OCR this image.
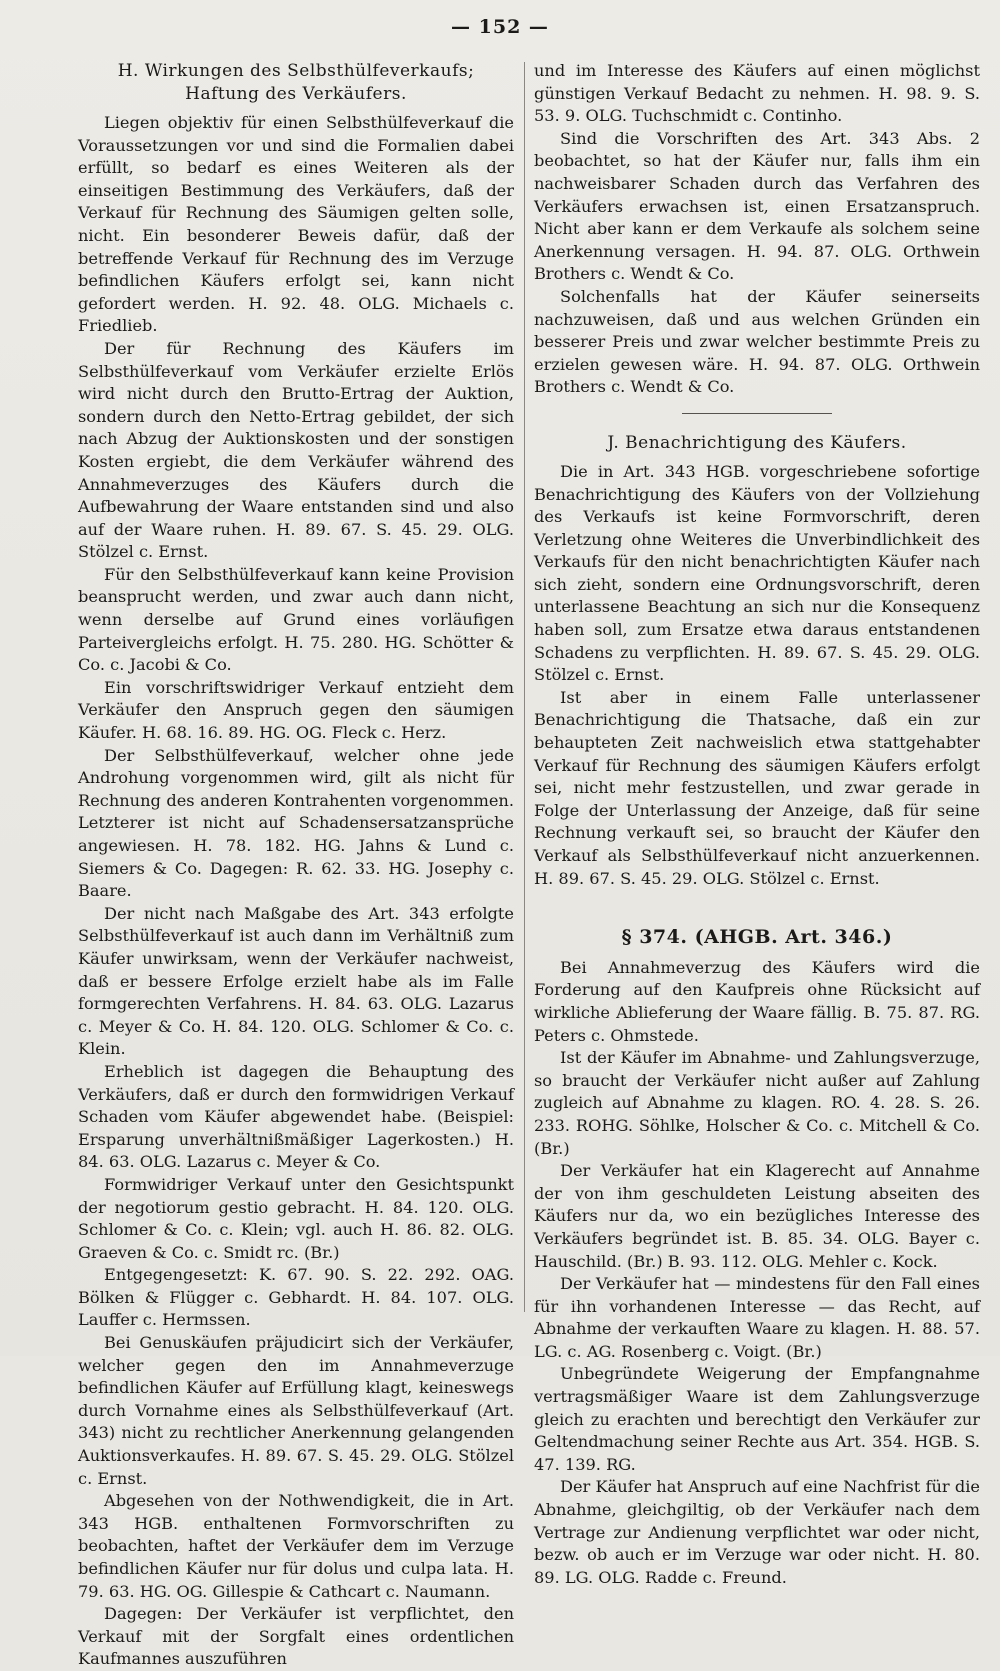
— 152 —
H. Wirkungen des Selbsthülfeverkaufs; Haftung des Verkäufers.

Liegen objektiv für einen Selbsthülfeverkauf die Voraussetzungen vor und sind die Formalien dabei erfüllt, so bedarf es eines Weiteren als der einseitigen Bestimmung des Verkäufers, daß der Verkauf für Rechnung des Säumigen gelten solle, nicht. Ein besonderer Beweis dafür, daß der betreffende Verkauf für Rechnung des im Verzuge befindlichen Käufers erfolgt sei, kann nicht gefordert werden. H. 92. 48. OLG. Michaels c. Friedlieb.

Der für Rechnung des Käufers im Selbsthülfeverkauf vom Verkäufer erzielte Erlös wird nicht durch den Brutto-Ertrag der Auktion, sondern durch den Netto-Ertrag gebildet, der sich nach Abzug der Auktionskosten und der sonstigen Kosten ergiebt, die dem Verkäufer während des Annahmeverzuges des Käufers durch die Aufbewahrung der Waare entstanden sind und also auf der Waare ruhen. H. 89. 67. S. 45. 29. OLG. Stölzel c. Ernst.

Für den Selbsthülfeverkauf kann keine Provision beansprucht werden, und zwar auch dann nicht, wenn derselbe auf Grund eines vorläufigen Parteivergleichs erfolgt. H. 75. 280. HG. Schötter & Co. c. Jacobi & Co.

Ein vorschriftswidriger Verkauf entzieht dem Verkäufer den Anspruch gegen den säumigen Käufer. H. 68. 16. 89. HG. OG. Fleck c. Herz.

Der Selbsthülfeverkauf, welcher ohne jede Androhung vorgenommen wird, gilt als nicht für Rechnung des anderen Kontrahenten vorgenommen. Letzterer ist nicht auf Schadensersatzansprüche angewiesen. H. 78. 182. HG. Jahns & Lund c. Siemers & Co. Dagegen: R. 62. 33. HG. Josephy c. Baare.

Der nicht nach Maßgabe des Art. 343 erfolgte Selbsthülfeverkauf ist auch dann im Verhältniß zum Käufer unwirksam, wenn der Verkäufer nachweist, daß er bessere Erfolge erzielt habe als im Falle formgerechten Verfahrens. H. 84. 63. OLG. Lazarus c. Meyer & Co. H. 84. 120. OLG. Schlomer & Co. c. Klein.

Erheblich ist dagegen die Behauptung des Verkäufers, daß er durch den formwidrigen Verkauf Schaden vom Käufer abgewendet habe. (Beispiel: Ersparung unverhältnißmäßiger Lagerkosten.) H. 84. 63. OLG. Lazarus c. Meyer & Co.

Formwidriger Verkauf unter den Gesichtspunkt der negotiorum gestio gebracht. H. 84. 120. OLG. Schlomer & Co. c. Klein; vgl. auch H. 86. 82. OLG. Graeven & Co. c. Smidt rc. (Br.)

Entgegengesetzt: K. 67. 90. S. 22. 292. OAG. Bölken & Flügger c. Gebhardt. H. 84. 107. OLG. Lauffer c. Hermssen.

Bei Genuskäufen präjudicirt sich der Verkäufer, welcher gegen den im Annahmeverzuge befindlichen Käufer auf Erfüllung klagt, keineswegs durch Vornahme eines als Selbsthülfeverkauf (Art. 343) nicht zu rechtlicher Anerkennung gelangenden Auktionsverkaufes. H. 89. 67. S. 45. 29. OLG. Stölzel c. Ernst.

Abgesehen von der Nothwendigkeit, die in Art. 343 HGB. enthaltenen Formvorschriften zu beobachten, haftet der Verkäufer dem im Verzuge befindlichen Käufer nur für dolus und culpa lata. H. 79. 63. HG. OG. Gillespie & Cathcart c. Naumann.

Dagegen: Der Verkäufer ist verpflichtet, den Verkauf mit der Sorgfalt eines ordentlichen Kaufmannes auszuführen

und im Interesse des Käufers auf einen möglichst günstigen Verkauf Bedacht zu nehmen. H. 98. 9. S. 53. 9. OLG. Tuchschmidt c. Continho.

Sind die Vorschriften des Art. 343 Abs. 2 beobachtet, so hat der Käufer nur, falls ihm ein nachweisbarer Schaden durch das Verfahren des Verkäufers erwachsen ist, einen Ersatzanspruch. Nicht aber kann er dem Verkaufe als solchem seine Anerkennung versagen. H. 94. 87. OLG. Orthwein Brothers c. Wendt & Co.

Solchenfalls hat der Käufer seinerseits nachzuweisen, daß und aus welchen Gründen ein besserer Preis und zwar welcher bestimmte Preis zu erzielen gewesen wäre. H. 94. 87. OLG. Orthwein Brothers c. Wendt & Co.

J. Benachrichtigung des Käufers.

Die in Art. 343 HGB. vorgeschriebene sofortige Benachrichtigung des Käufers von der Vollziehung des Verkaufs ist keine Formvorschrift, deren Verletzung ohne Weiteres die Unverbindlichkeit des Verkaufs für den nicht benachrichtigten Käufer nach sich zieht, sondern eine Ordnungsvorschrift, deren unterlassene Beachtung an sich nur die Konsequenz haben soll, zum Ersatze etwa daraus entstandenen Schadens zu verpflichten. H. 89. 67. S. 45. 29. OLG. Stölzel c. Ernst.

Ist aber in einem Falle unterlassener Benachrichtigung die Thatsache, daß ein zur behaupteten Zeit nachweislich etwa stattgehabter Verkauf für Rechnung des säumigen Käufers erfolgt sei, nicht mehr festzustellen, und zwar gerade in Folge der Unterlassung der Anzeige, daß für seine Rechnung verkauft sei, so braucht der Käufer den Verkauf als Selbsthülfeverkauf nicht anzuerkennen. H. 89. 67. S. 45. 29. OLG. Stölzel c. Ernst.

§ 374. (AHGB. Art. 346.)

Bei Annahmeverzug des Käufers wird die Forderung auf den Kaufpreis ohne Rücksicht auf wirkliche Ablieferung der Waare fällig. B. 75. 87. RG. Peters c. Ohmstede.

Ist der Käufer im Abnahme- und Zahlungsverzuge, so braucht der Verkäufer nicht außer auf Zahlung zugleich auf Abnahme zu klagen. RO. 4. 28. S. 26. 233. ROHG. Söhlke, Holscher & Co. c. Mitchell & Co. (Br.)

Der Verkäufer hat ein Klagerecht auf Annahme der von ihm geschuldeten Leistung abseiten des Käufers nur da, wo ein bezügliches Interesse des Verkäufers begründet ist. B. 85. 34. OLG. Bayer c. Hauschild. (Br.) B. 93. 112. OLG. Mehler c. Kock.

Der Verkäufer hat — mindestens für den Fall eines für ihn vorhandenen Interesse — das Recht, auf Abnahme der verkauften Waare zu klagen. H. 88. 57. LG. c. AG. Rosenberg c. Voigt. (Br.)

Unbegründete Weigerung der Empfangnahme vertragsmäßiger Waare ist dem Zahlungsverzuge gleich zu erachten und berechtigt den Verkäufer zur Geltendmachung seiner Rechte aus Art. 354. HGB. S. 47. 139. RG.

Der Käufer hat Anspruch auf eine Nachfrist für die Abnahme, gleichgiltig, ob der Verkäufer nach dem Vertrage zur Andienung verpflichtet war oder nicht, bezw. ob auch er im Verzuge war oder nicht. H. 80. 89. LG. OLG. Radde c. Freund.
